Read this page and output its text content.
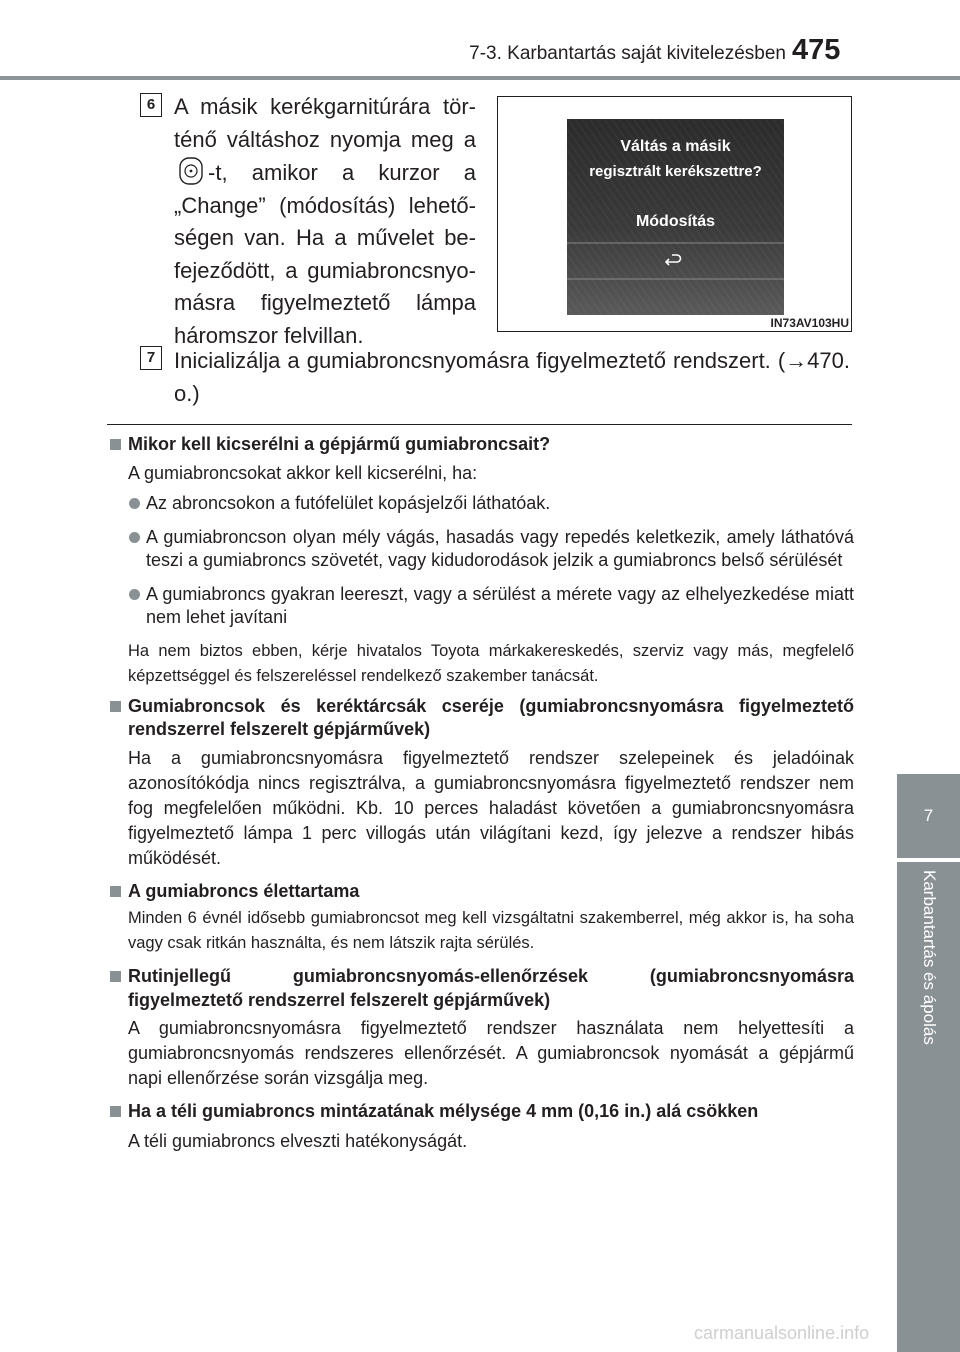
7-3. Karbantartás saját kivitelezésben 475
7
Karbantartás és ápolás
6 A másik kerékgarnitúrára történő váltáshoz nyomja meg a -t, amikor a kurzor a „Change” (módosítás) lehetőségen van. Ha a művelet befejeződött, a gumiabroncsnyomásra figyelmeztető lámpa háromszor felvillan.
Váltás a másik
regisztrált kerékszettre?
Módosítás
IN73AV103HU
7 Inicializálja a gumiabroncsnyomásra figyelmeztető rendszert. (→470. o.)
Mikor kell kicserélni a gépjármű gumiabroncsait?
A gumiabroncsokat akkor kell kicserélni, ha:
Az abroncsokon a futófelület kopásjelzői láthatóak.
A gumiabroncson olyan mély vágás, hasadás vagy repedés keletkezik, amely láthatóvá teszi a gumiabroncs szövetét, vagy kidudorodások jelzik a gumiabroncs belső sérülését
A gumiabroncs gyakran leereszt, vagy a sérülést a mérete vagy az elhelyezkedése miatt nem lehet javítani
Ha nem biztos ebben, kérje hivatalos Toyota márkakereskedés, szerviz vagy más, megfelelő képzettséggel és felszereléssel rendelkező szakember tanácsát.
Gumiabroncsok és keréktárcsák cseréje (gumiabroncsnyomásra figyelmeztető rendszerrel felszerelt gépjárművek)
Ha a gumiabroncsnyomásra figyelmeztető rendszer szelepeinek és jeladóinak azonosítókódja nincs regisztrálva, a gumiabroncsnyomásra figyelmeztető rendszer nem fog megfelelően működni. Kb. 10 perces haladást követően a gumiabroncsnyomásra figyelmeztető lámpa 1 perc villogás után világítani kezd, így jelezve a rendszer hibás működését.
A gumiabroncs élettartama
Minden 6 évnél idősebb gumiabroncsot meg kell vizsgáltatni szakemberrel, még akkor is, ha soha vagy csak ritkán használta, és nem látszik rajta sérülés.
Rutinjellegű gumiabroncsnyomás-ellenőrzések (gumiabroncsnyomásra figyelmeztető rendszerrel felszerelt gépjárművek)
A gumiabroncsnyomásra figyelmeztető rendszer használata nem helyettesíti a gumiabroncsnyomás rendszeres ellenőrzését. A gumiabroncsok nyomását a gépjármű napi ellenőrzése során vizsgálja meg.
Ha a téli gumiabroncs mintázatának mélysége 4 mm (0,16 in.) alá csökken
A téli gumiabroncs elveszti hatékonyságát.
carmanualsonline.info
